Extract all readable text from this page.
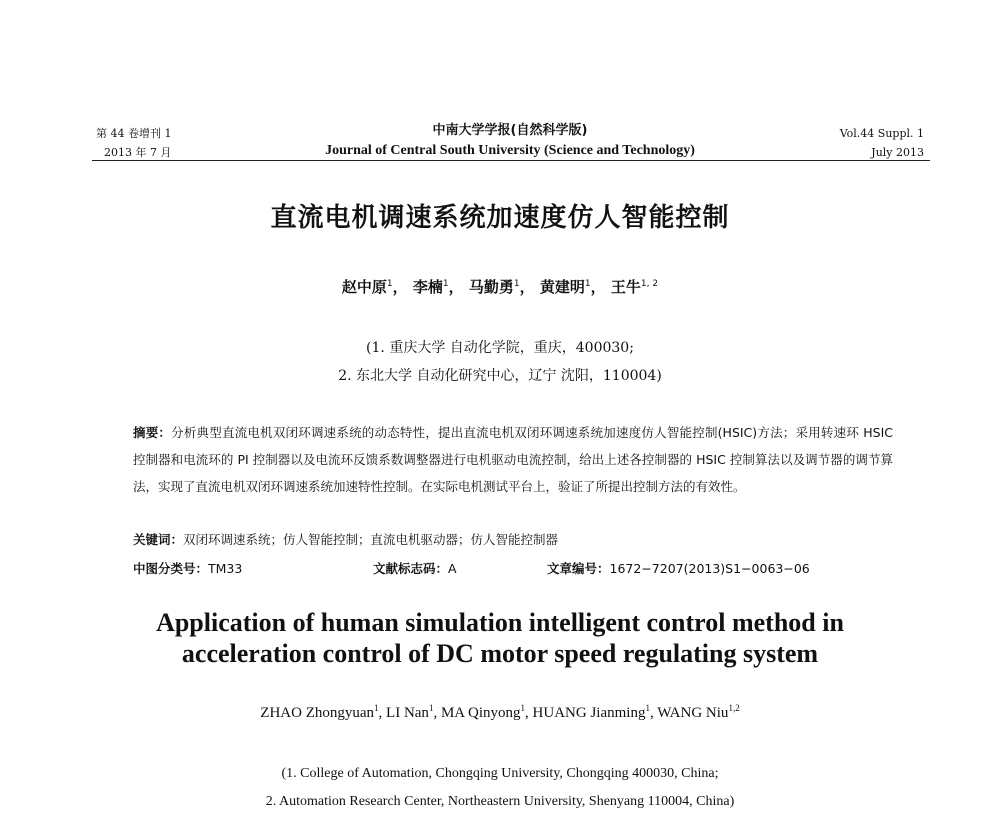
第 44 卷增刊 1
2013 年 7 月
中南大学学报(自然科学版)
Journal of Central South University (Science and Technology)
Vol.44 Suppl. 1
July 2013
直流电机调速系统加速度仿人智能控制
赵中原$^1$， 李楠$^1$， 马勤勇$^1$， 黄建明$^1$， 王牛$^{1, 2}$
(1. 重庆大学 自动化学院，重庆，400030;
2. 东北大学 自动化研究中心，辽宁 沈阳，110004)
摘要：分析典型直流电机双闭环调速系统的动态特性，提出直流电机双闭环调速系统加速度仿人智能控制(HSIC)方法；采用转速环 HSIC 控制器和电流环的 PI 控制器以及电流环反馈系数调整器进行电机驱动电流控制，给出上述各控制器的 HSIC 控制算法以及调节器的调节算法，实现了直流电机双闭环调速系统加速特性控制。在实际电机测试平台上，验证了所提出控制方法的有效性。
关键词：双闭环调速系统；仿人智能控制；直流电机驱动器；仿人智能控制器
中图分类号：TM33	文献标志码：A	文章编号：1672−7207(2013)S1−0063−06
Application of human simulation intelligent control method in
acceleration control of DC motor speed regulating system
ZHAO Zhongyuan$^1$, LI Nan$^1$, MA Qinyong$^1$, HUANG Jianming$^1$, WANG Niu$^{1,2}$
(1. College of Automation, Chongqing University, Chongqing 400030, China;
2. Automation Research Center, Northeastern University, Shenyang 110004, China)
